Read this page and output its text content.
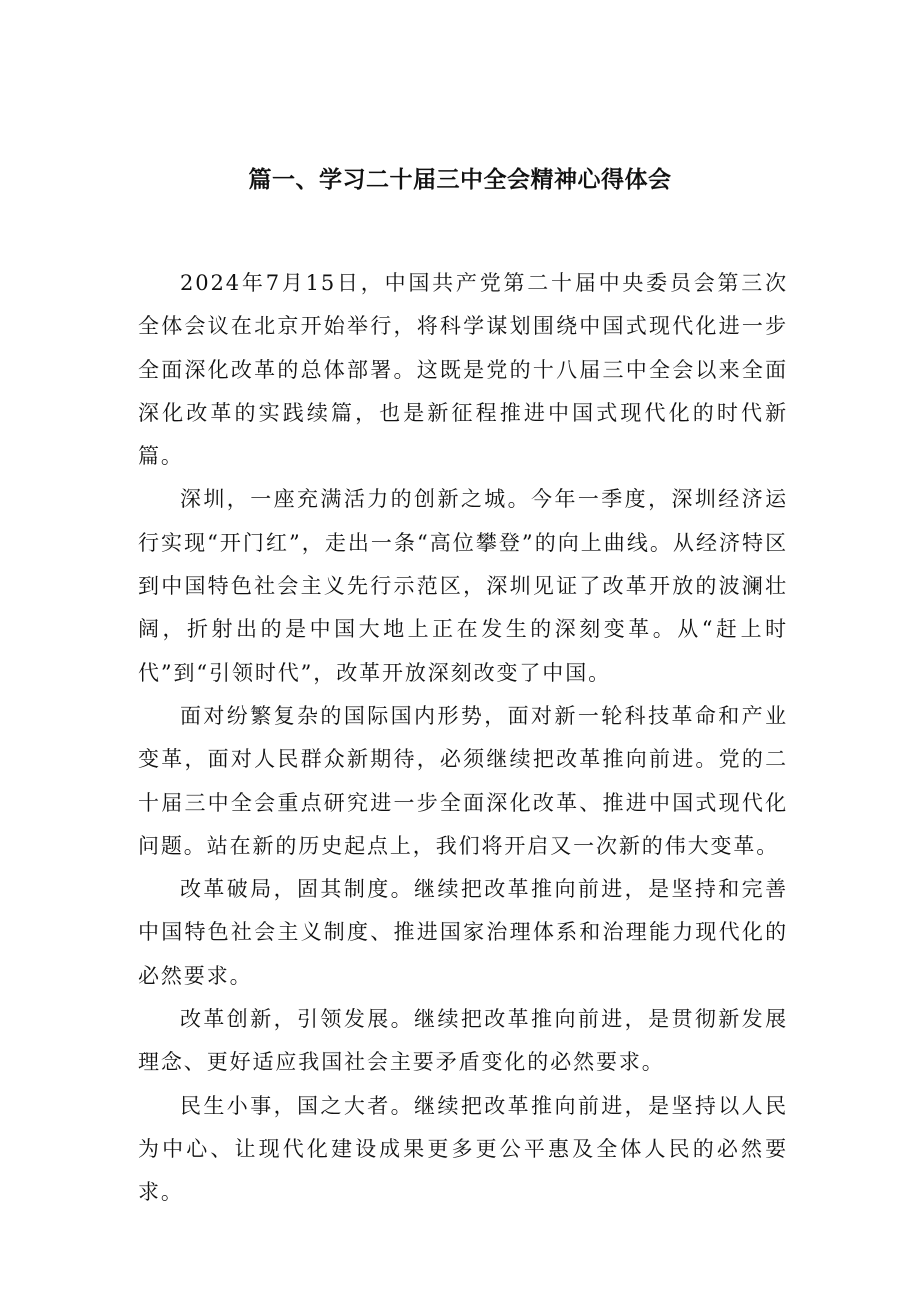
篇一、学习二十届三中全会精神心得体会

2024年7月15日，中国共产党第二十届中央委员会第三次全体会议在北京开始举行，将科学谋划围绕中国式现代化进一步全面深化改革的总体部署。这既是党的十八届三中全会以来全面深化改革的实践续篇，也是新征程推进中国式现代化的时代新篇。

深圳，一座充满活力的创新之城。今年一季度，深圳经济运行实现“开门红”，走出一条“高位攀登”的向上曲线。从经济特区到中国特色社会主义先行示范区，深圳见证了改革开放的波澜壮阔，折射出的是中国大地上正在发生的深刻变革。从“赶上时代”到“引领时代”，改革开放深刻改变了中国。

面对纷繁复杂的国际国内形势，面对新一轮科技革命和产业变革，面对人民群众新期待，必须继续把改革推向前进。党的二十届三中全会重点研究进一步全面深化改革、推进中国式现代化问题。站在新的历史起点上，我们将开启又一次新的伟大变革。

改革破局，固其制度。继续把改革推向前进，是坚持和完善中国特色社会主义制度、推进国家治理体系和治理能力现代化的必然要求。

改革创新，引领发展。继续把改革推向前进，是贯彻新发展理念、更好适应我国社会主要矛盾变化的必然要求。

民生小事，国之大者。继续把改革推向前进，是坚持以人民为中心、让现代化建设成果更多更公平惠及全体人民的必然要求。
